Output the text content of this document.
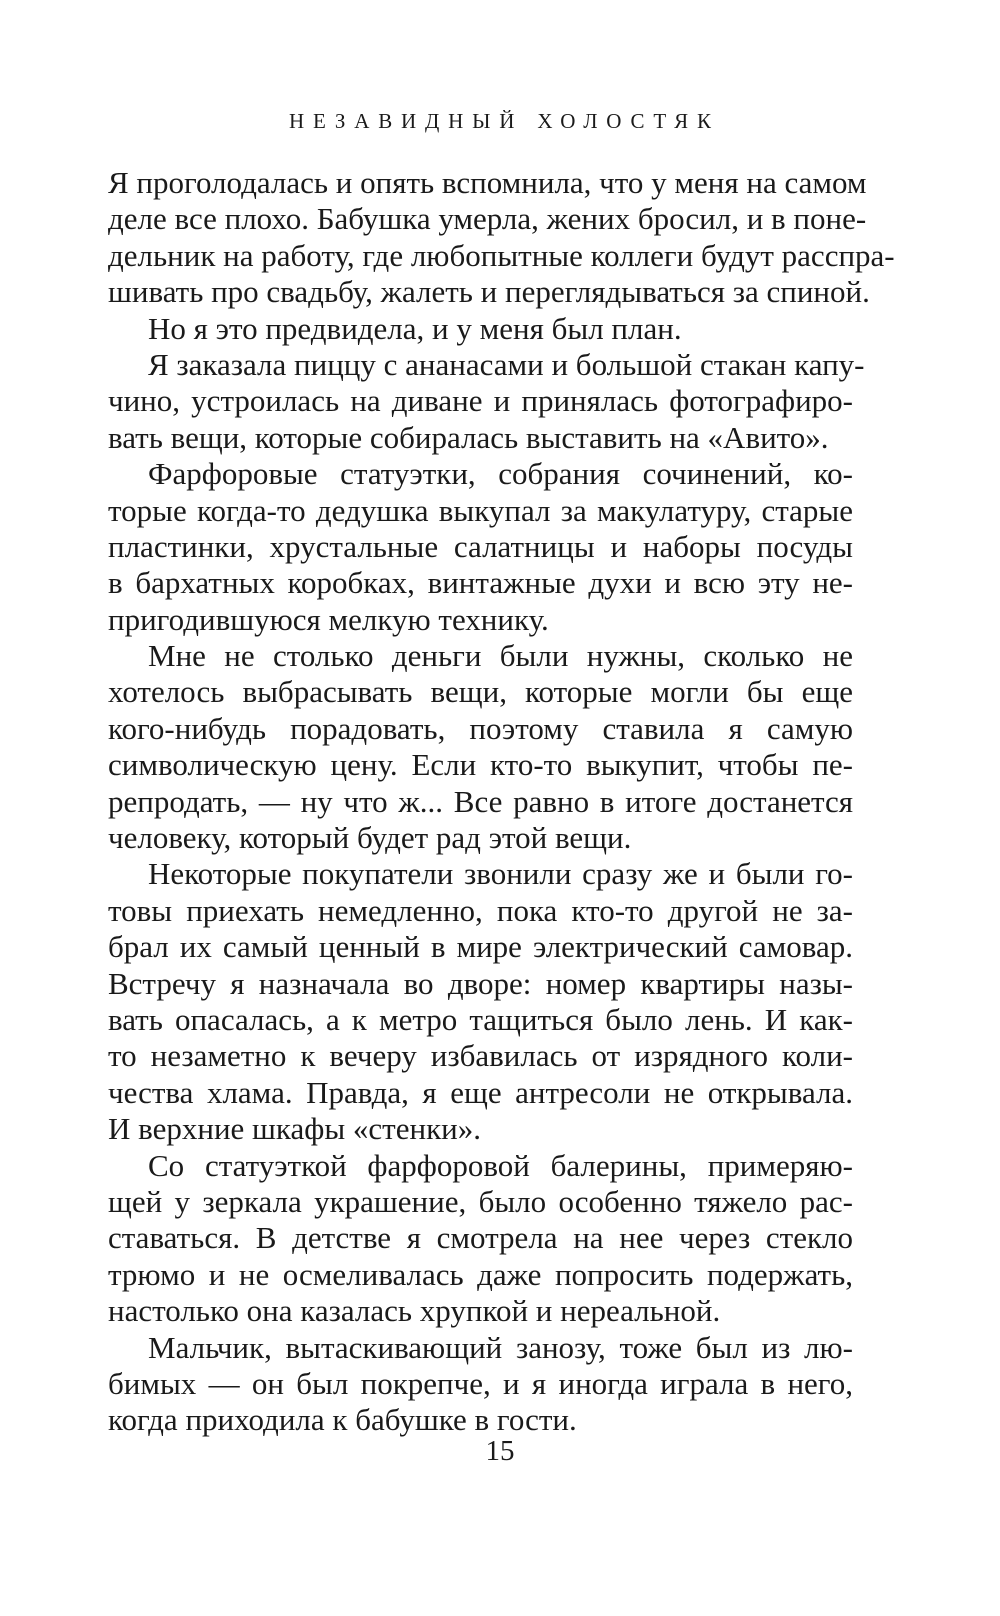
НЕЗАВИДНЫЙ ХОЛОСТЯК
Я проголодалась и опять вспомнила, что у меня на самом
деле все плохо. Бабушка умерла, жених бросил, и в поне-
дельник на работу, где любопытные коллеги будут расспра-
шивать про свадьбу, жалеть и переглядываться за спиной.
Но я это предвидела, и у меня был план.
Я заказала пиццу с ананасами и большой стакан капу-
чино, устроилась на диване и принялась фотографиро-
вать вещи, которые собиралась выставить на «Авито».
Фарфоровые статуэтки, собрания сочинений, ко-
торые когда-то дедушка выкупал за макулатуру, старые
пластинки, хрустальные салатницы и наборы посуды
в бархатных коробках, винтажные духи и всю эту не-
пригодившуюся мелкую технику.
Мне не столько деньги были нужны, сколько не
хотелось выбрасывать вещи, которые могли бы еще
кого-нибудь порадовать, поэтому ставила я самую
символическую цену. Если кто-то выкупит, чтобы пе-
репродать, — ну что ж... Все равно в итоге достанется
человеку, который будет рад этой вещи.
Некоторые покупатели звонили сразу же и были го-
товы приехать немедленно, пока кто-то другой не за-
брал их самый ценный в мире электрический самовар.
Встречу я назначала во дворе: номер квартиры назы-
вать опасалась, а к метро тащиться было лень. И как-
то незаметно к вечеру избавилась от изрядного коли-
чества хлама. Правда, я еще антресоли не открывала.
И верхние шкафы «стенки».
Со статуэткой фарфоровой балерины, примеряю-
щей у зеркала украшение, было особенно тяжело рас-
ставаться. В детстве я смотрела на нее через стекло
трюмо и не осмеливалась даже попросить подержать,
настолько она казалась хрупкой и нереальной.
Мальчик, вытаскивающий занозу, тоже был из лю-
бимых — он был покрепче, и я иногда играла в него,
когда приходила к бабушке в гости.
15
